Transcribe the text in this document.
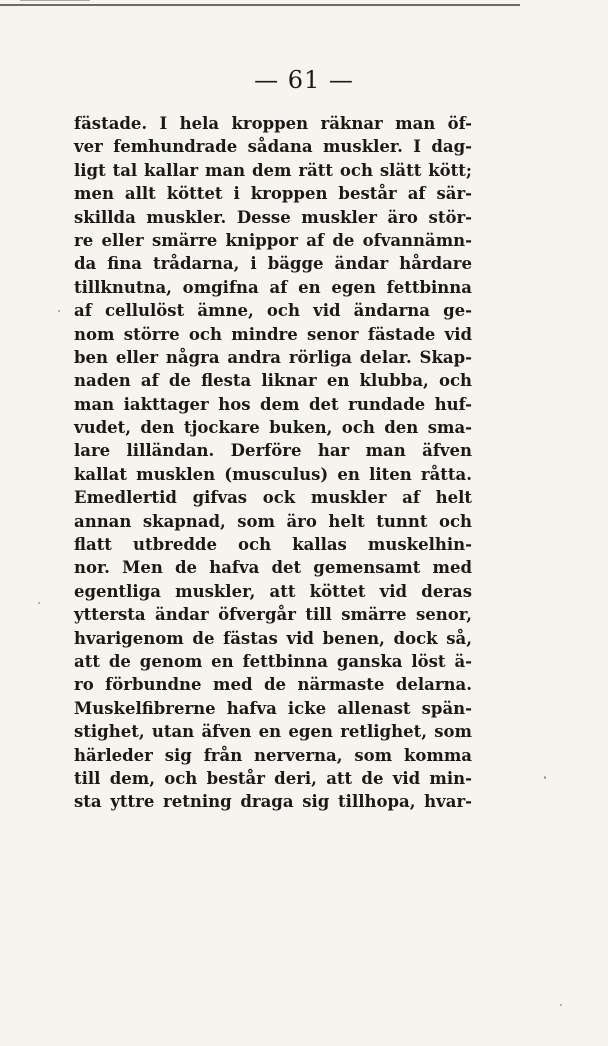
— 61 —
fästade. I hela kroppen räknar man öf-
ver femhundrade sådana muskler. I dag-
ligt tal kallar man dem rätt och slätt kött;
men allt köttet i kroppen består af sär-
skillda muskler. Desse muskler äro stör-
re eller smärre knippor af de ofvannämn-
da fina trådarna, i bägge ändar hårdare
tillknutna, omgifna af en egen fettbinna
af cellulöst ämne, och vid ändarna ge-
nom större och mindre senor fästade vid
ben eller några andra rörliga delar. Skap-
naden af de flesta liknar en klubba, och
man iakttager hos dem det rundade huf-
vudet, den tjockare buken, och den sma-
lare lilländan. Derföre har man äfven
kallat musklen (musculus) en liten råtta.
Emedlertid gifvas ock muskler af helt
annan skapnad, som äro helt tunnt och
flatt utbredde och kallas muskelhin-
nor. Men de hafva det gemensamt med
egentliga muskler, att köttet vid deras
yttersta ändar öfvergår till smärre senor,
hvarigenom de fästas vid benen, dock så,
att de genom en fettbinna ganska löst ä-
ro förbundne med de närmaste delarna.
Muskelfibrerne hafva icke allenast spän-
stighet, utan äfven en egen retlighet, som
härleder sig från nerverna, som komma
till dem, och består deri, att de vid min-
sta yttre retning draga sig tillhopa, hvar-
